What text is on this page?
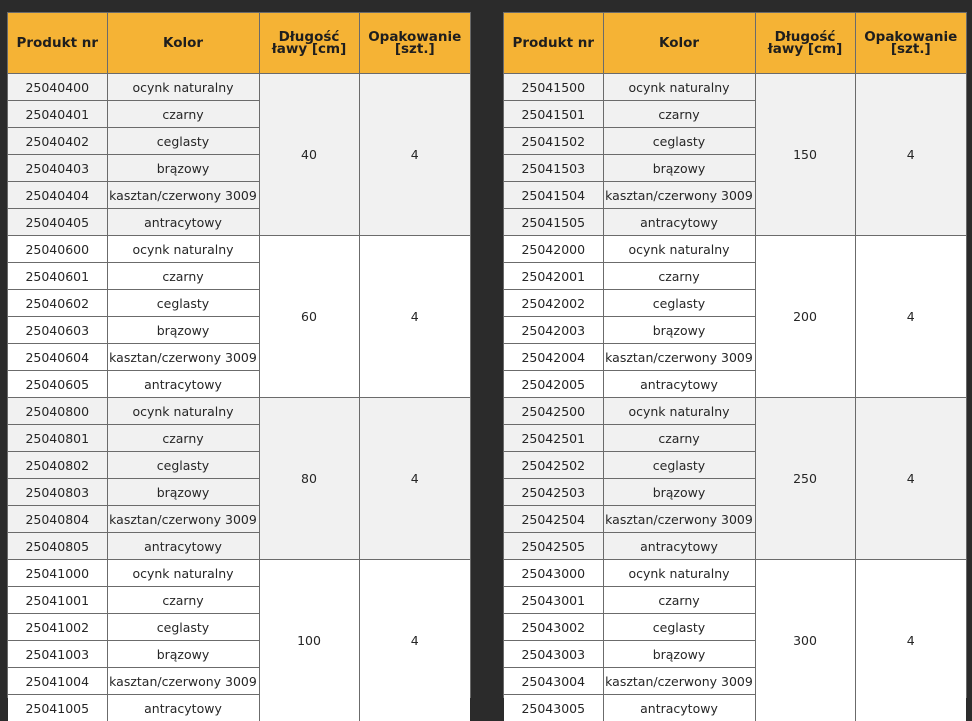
Produkt nr	Kolor	Długość ławy [cm]	Opakowanie [szt.]
25040400	ocynk naturalny	40	4
25040401	czarny		
25040402	ceglasty		
25040403	brązowy		
25040404	kasztan/czerwony 3009		
25040405	antracytowy		
25040600	ocynk naturalny	60	4
25040601	czarny		
25040602	ceglasty		
25040603	brązowy		
25040604	kasztan/czerwony 3009		
25040605	antracytowy		
25040800	ocynk naturalny	80	4
25040801	czarny		
25040802	ceglasty		
25040803	brązowy		
25040804	kasztan/czerwony 3009		
25040805	antracytowy		
25041000	ocynk naturalny	100	4
25041001	czarny		
25041002	ceglasty		
25041003	brązowy		
25041004	kasztan/czerwony 3009		
25041005	antracytowy		
Produkt nr	Kolor	Długość ławy [cm]	Opakowanie [szt.]
25041500	ocynk naturalny	150	4
25041501	czarny		
25041502	ceglasty		
25041503	brązowy		
25041504	kasztan/czerwony 3009		
25041505	antracytowy		
25042000	ocynk naturalny	200	4
25042001	czarny		
25042002	ceglasty		
25042003	brązowy		
25042004	kasztan/czerwony 3009		
25042005	antracytowy		
25042500	ocynk naturalny	250	4
25042501	czarny		
25042502	ceglasty		
25042503	brązowy		
25042504	kasztan/czerwony 3009		
25042505	antracytowy		
25043000	ocynk naturalny	300	4
25043001	czarny		
25043002	ceglasty		
25043003	brązowy		
25043004	kasztan/czerwony 3009		
25043005	antracytowy		
